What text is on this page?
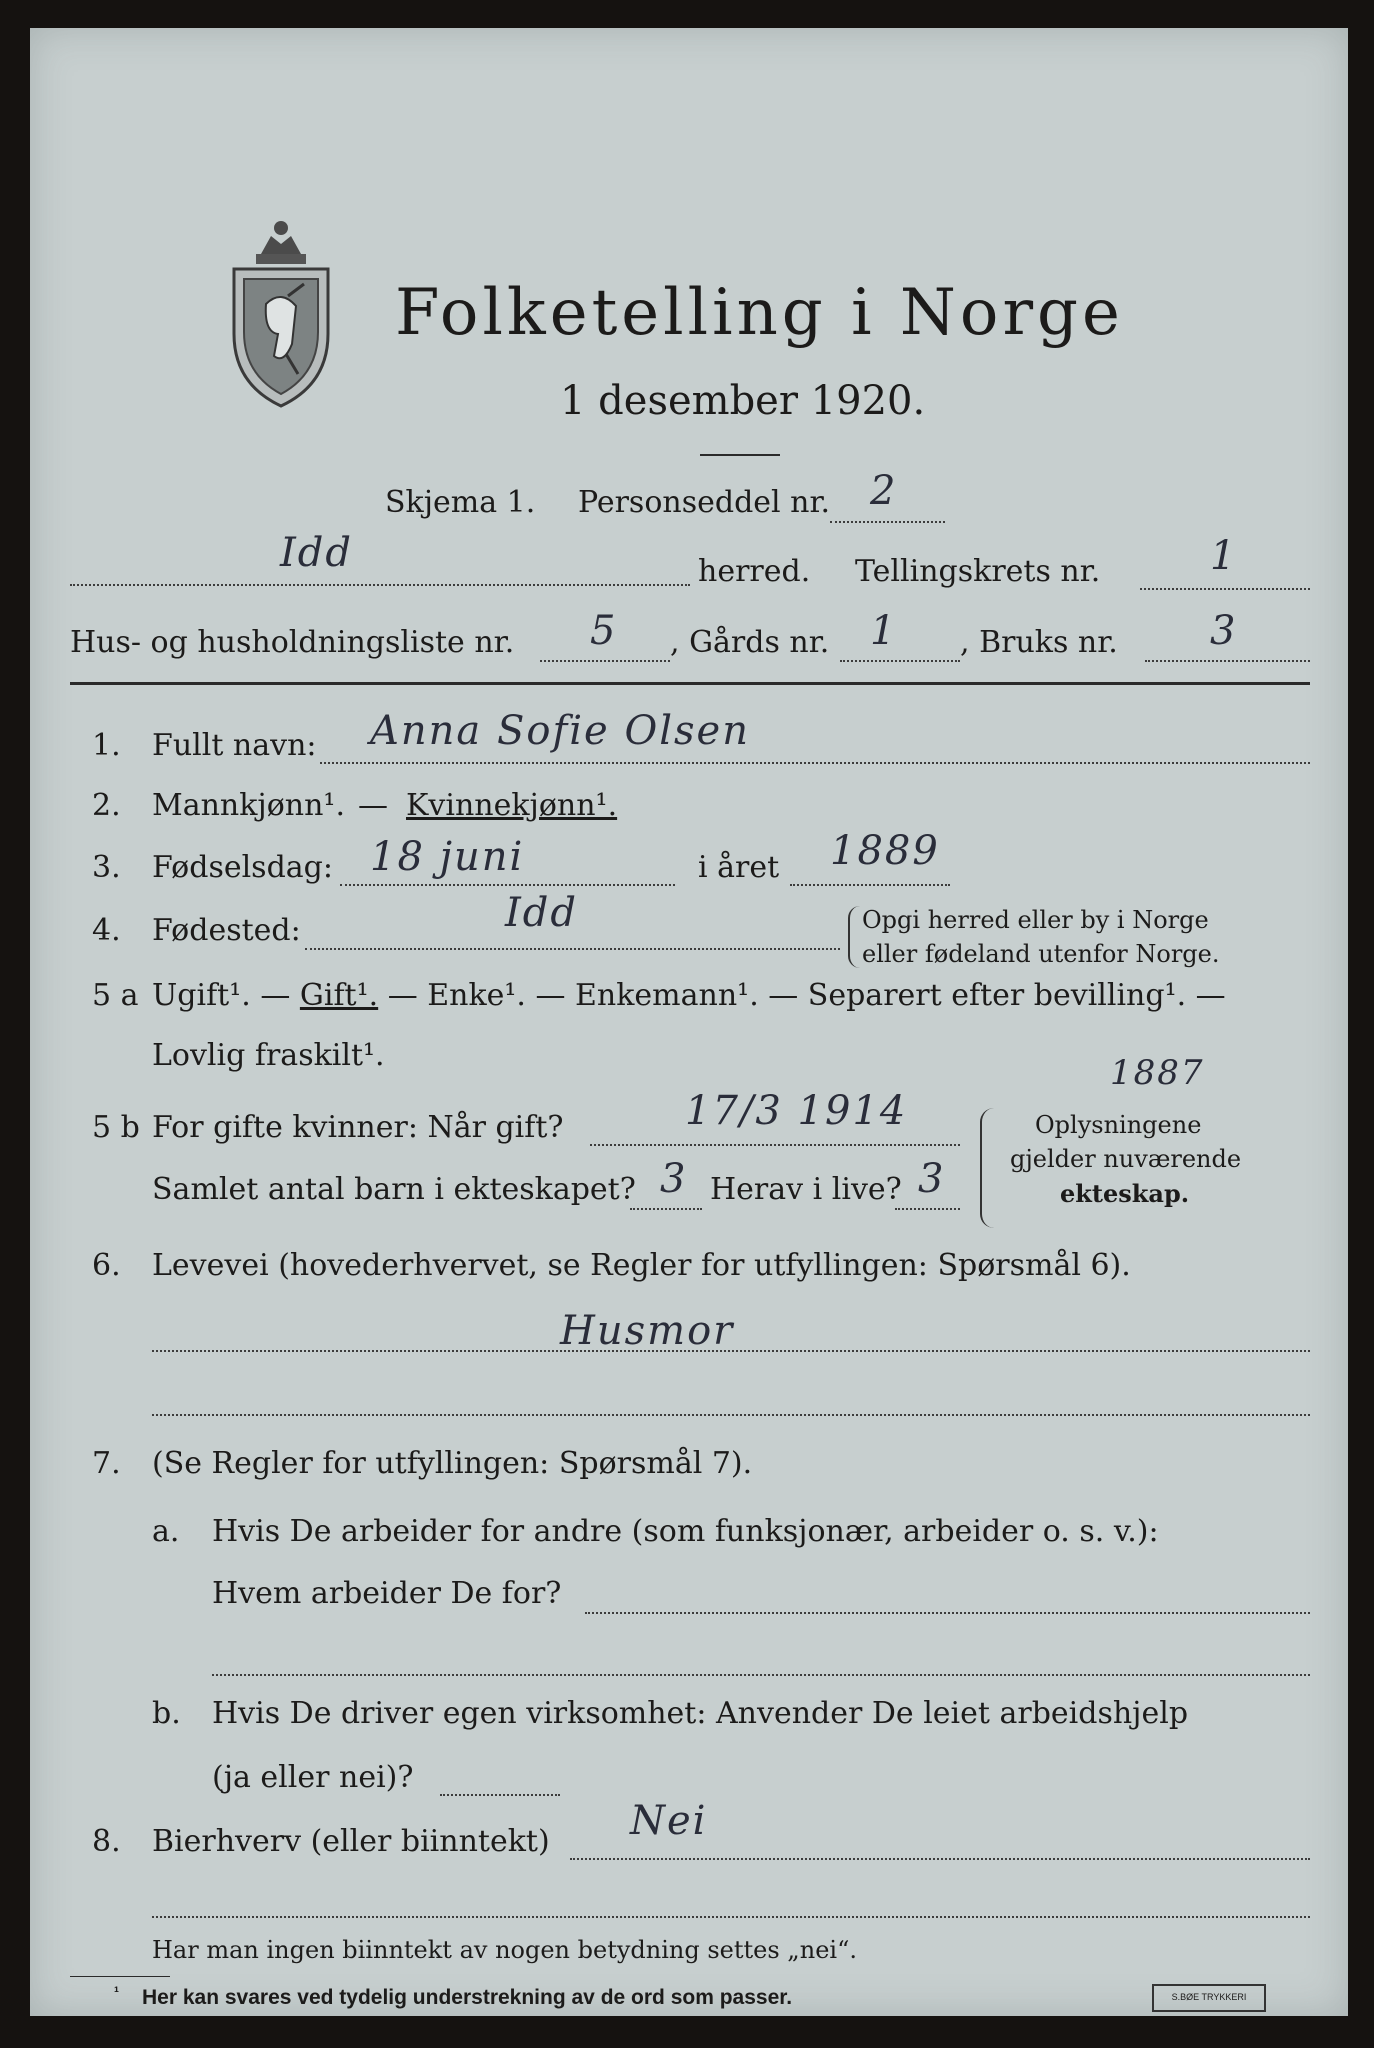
Folketelling i Norge
1 desember 1920.
Skjema 1. Personseddel nr. 2
Idd	herred. Tellingskrets nr.	1
Hus- og husholdningsliste nr. 5 , Gårds nr. 1 , Bruks nr. 3
1. Fullt navn: Anna Sofie Olsen
2. Mannkjønn¹. — Kvinnekjønn¹.
3. Fødselsdag: 18 juni	i året 1889
4. Fødested:	Idd	Opgi herred eller by i Norge
eller fødeland utenfor Norge.
5 a Ugift¹. — Gift¹. — Enke¹. — Enkemann¹. — Separert efter bevilling¹. —
Lovlig fraskilt¹.
5 b For gifte kvinner: Når gift?	17/3 1914
1887
Samlet antal barn i ekteskapet? 3 Herav i live? 3
Oplysningene
gjelder nuværende
ekteskap.
6. Levevei (hovederhvervet, se Regler for utfyllingen: Spørsmål 6).
Husmor
7. (Se Regler for utfyllingen: Spørsmål 7).
a. Hvis De arbeider for andre (som funksjonær, arbeider o. s. v.):
Hvem arbeider De for?
b. Hvis De driver egen virksomhet: Anvender De leiet arbeidshjelp
(ja eller nei)?
8. Bierhverv (eller biinntekt) Nei
Har man ingen biinntekt av nogen betydning settes „nei“.
¹ Her kan svares ved tydelig understrekning av de ord som passer.	S.BØE TRYKKERI
